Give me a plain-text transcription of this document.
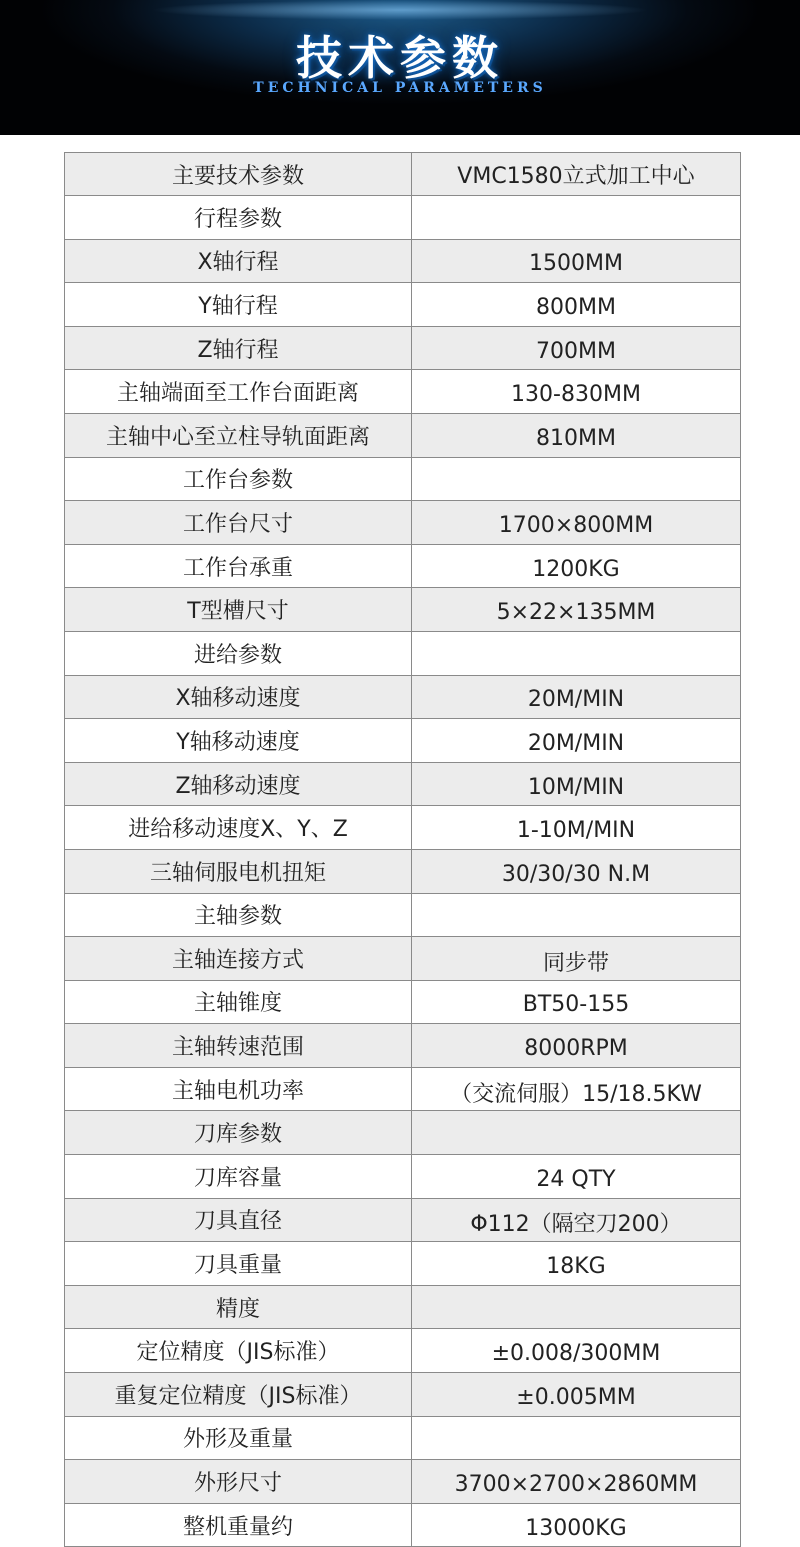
技术参数
TECHNICAL PARAMETERS
主要技术参数	VMC1580立式加工中心
行程参数	
X轴行程	1500MM
Y轴行程	800MM
Z轴行程	700MM
主轴端面至工作台面距离	130-830MM
主轴中心至立柱导轨面距离	810MM
工作台参数	
工作台尺寸	1700×800MM
工作台承重	1200KG
T型槽尺寸	5×22×135MM
进给参数	
X轴移动速度	20M/MIN
Y轴移动速度	20M/MIN
Z轴移动速度	10M/MIN
进给移动速度X、Y、Z	1-10M/MIN
三轴伺服电机扭矩	30/30/30 N.M
主轴参数	
主轴连接方式	同步带
主轴锥度	BT50-155
主轴转速范围	8000RPM
主轴电机功率	（交流伺服）15/18.5KW
刀库参数	
刀库容量	24 QTY
刀具直径	Φ112（隔空刀200）
刀具重量	18KG
精度	
定位精度（JIS标准）	±0.008/300MM
重复定位精度（JIS标准）	±0.005MM
外形及重量	
外形尺寸	3700×2700×2860MM
整机重量约	13000KG
